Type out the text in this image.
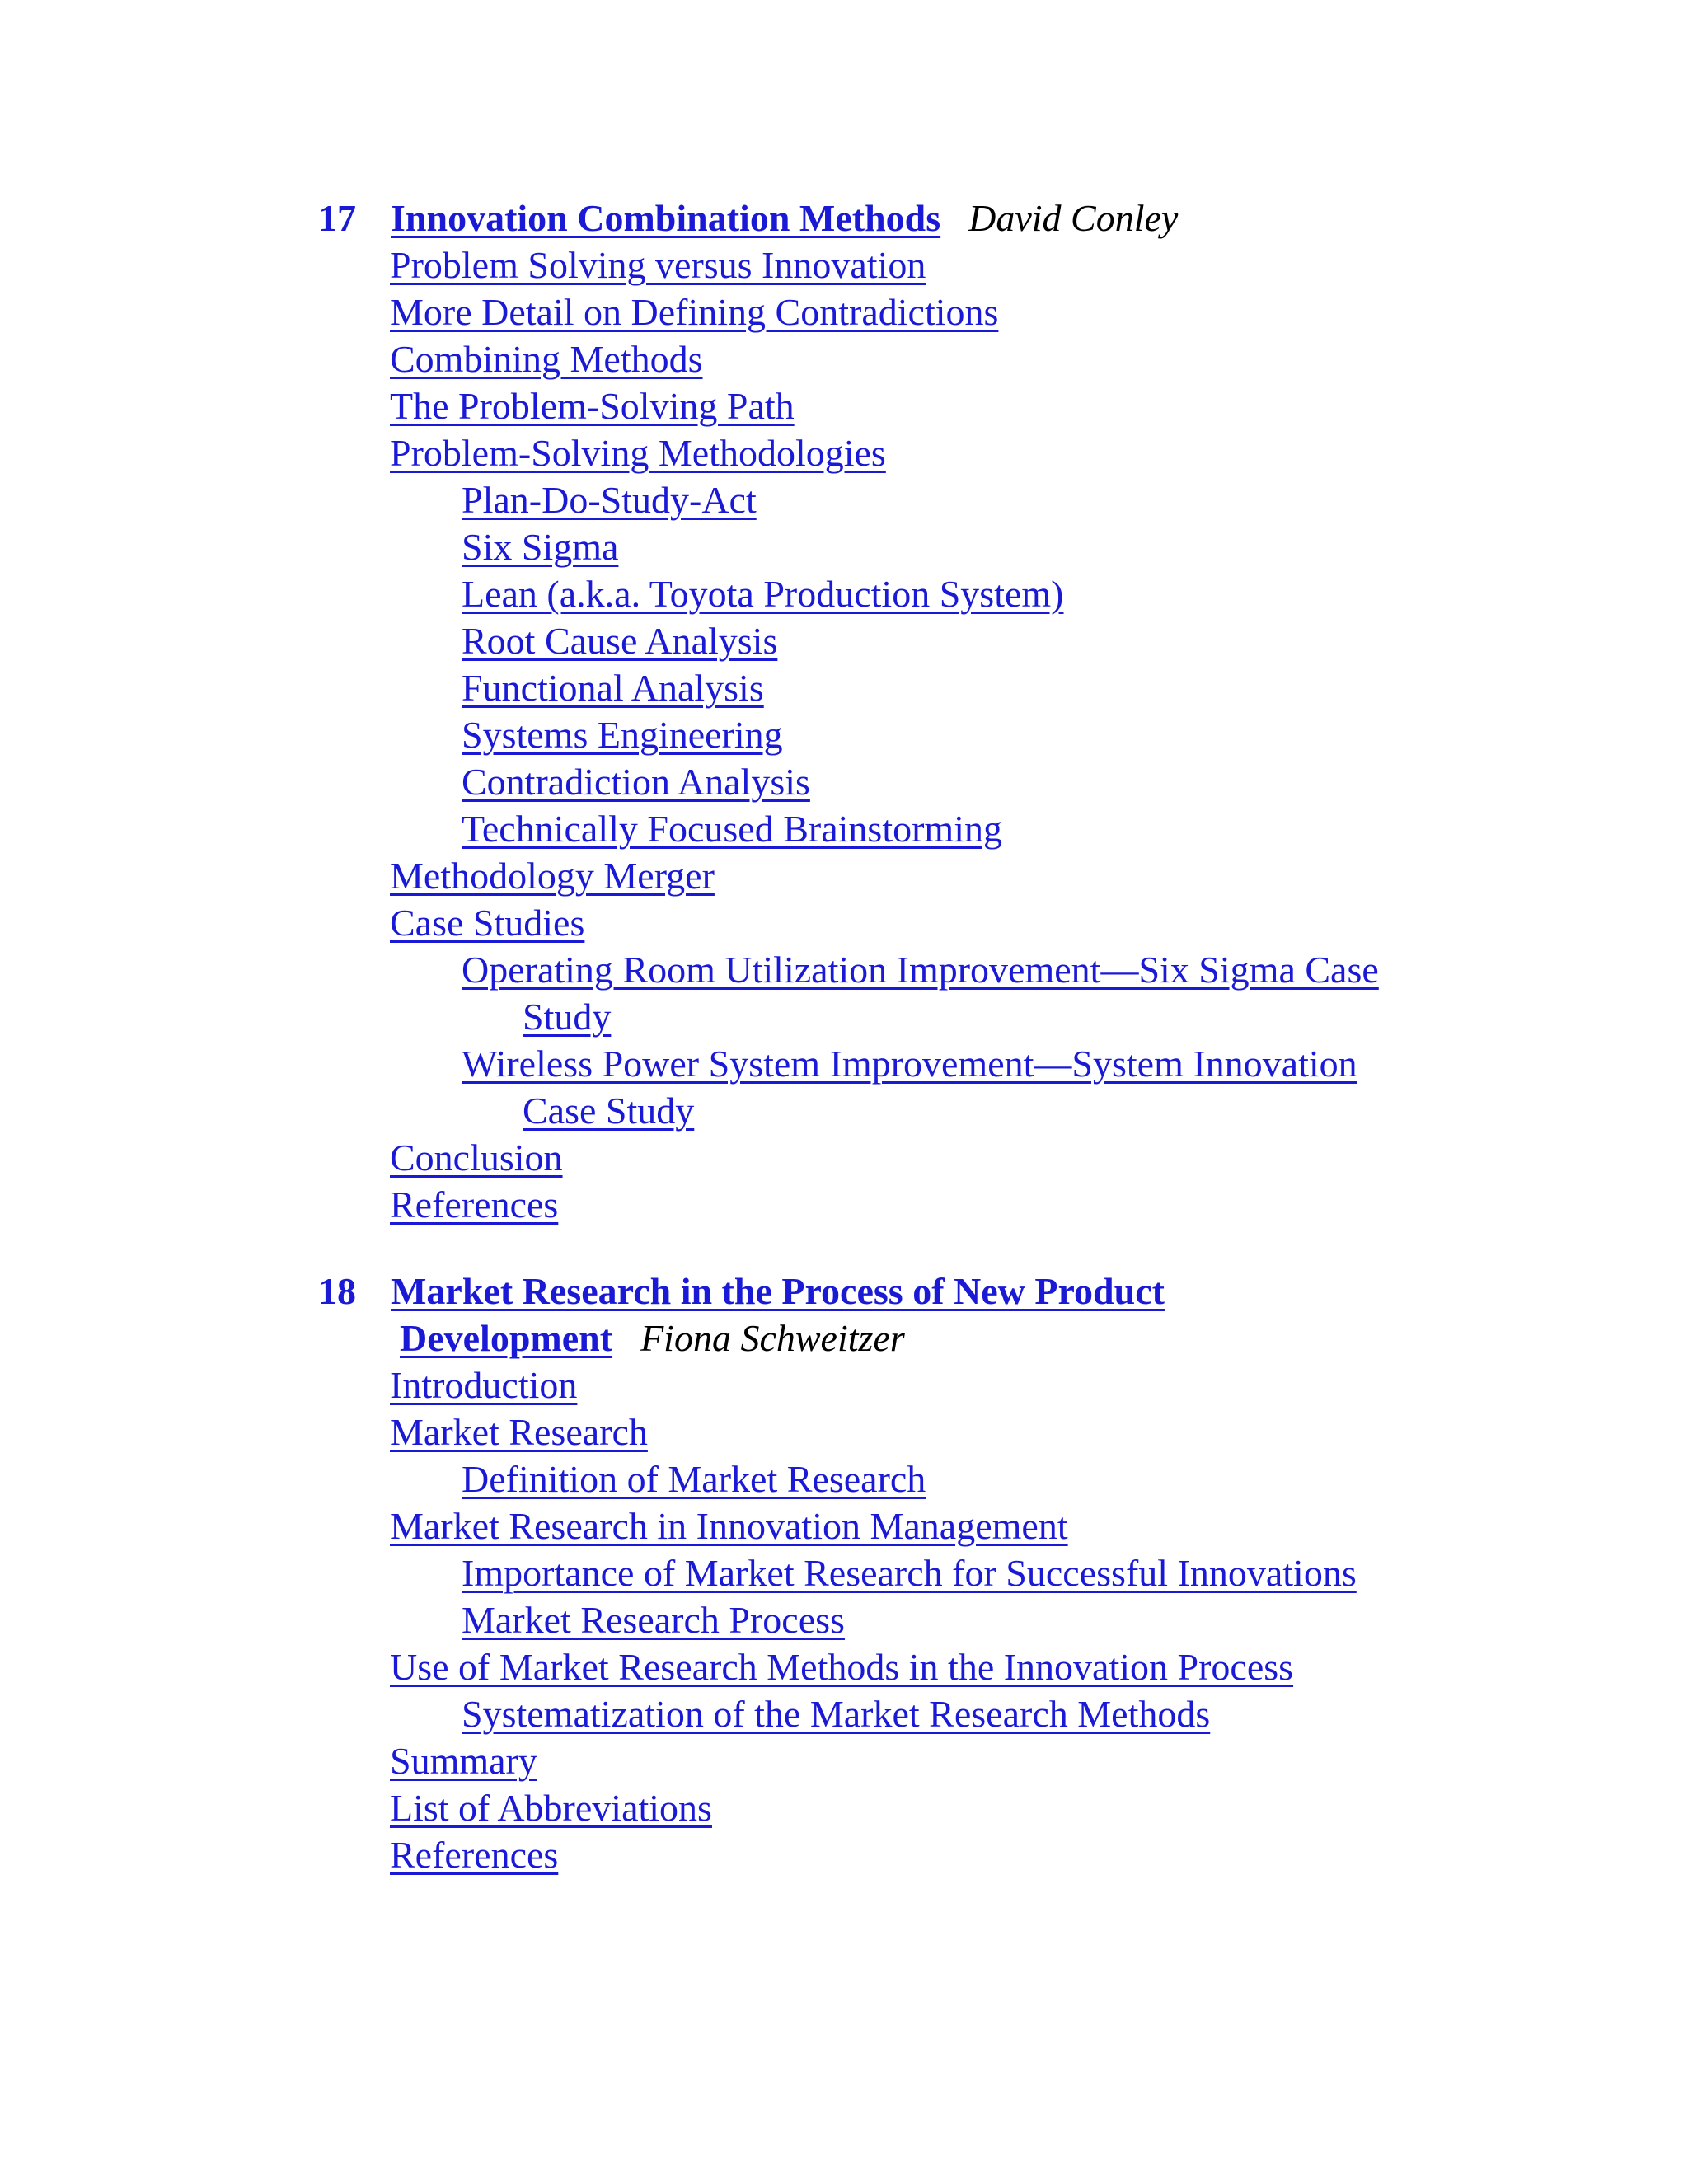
17 Innovation Combination Methods David Conley
Problem Solving versus Innovation
More Detail on Defining Contradictions
Combining Methods
The Problem-Solving Path
Problem-Solving Methodologies
Plan-Do-Study-Act
Six Sigma
Lean (a.k.a. Toyota Production System)
Root Cause Analysis
Functional Analysis
Systems Engineering
Contradiction Analysis
Technically Focused Brainstorming
Methodology Merger
Case Studies
Operating Room Utilization Improvement—Six Sigma Case
Study
Wireless Power System Improvement—System Innovation
Case Study
Conclusion
References
18 Market Research in the Process of New Product
Development Fiona Schweitzer
Introduction
Market Research
Definition of Market Research
Market Research in Innovation Management
Importance of Market Research for Successful Innovations
Market Research Process
Use of Market Research Methods in the Innovation Process
Systematization of the Market Research Methods
Summary
List of Abbreviations
References
